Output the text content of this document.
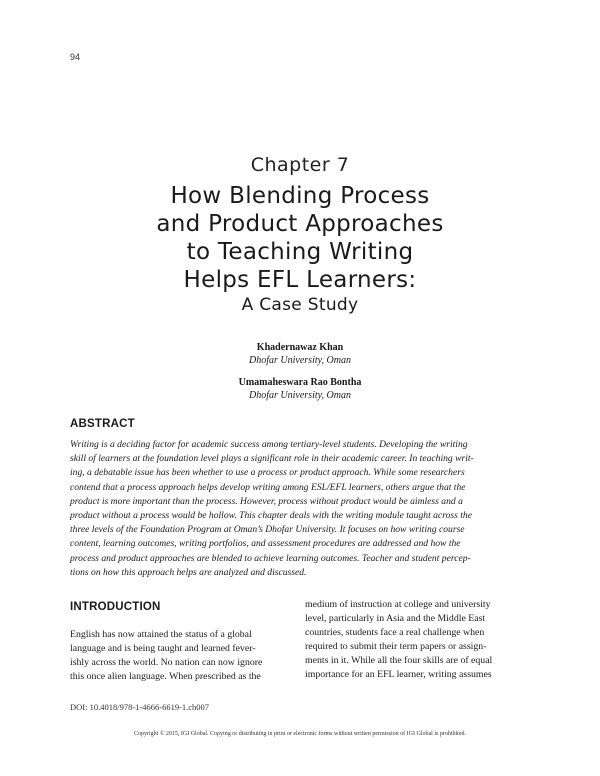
94
Chapter 7
How Blending Process
and Product Approaches
to Teaching Writing
Helps EFL Learners:
A Case Study
Khadernawaz Khan
Dhofar University, Oman
Umamaheswara Rao Bontha
Dhofar University, Oman
ABSTRACT
Writing is a deciding factor for academic success among tertiary-level students. Developing the writing
skill of learners at the foundation level plays a significant role in their academic career. In teaching writ-
ing, a debatable issue has been whether to use a process or product approach. While some researchers
contend that a process approach helps develop writing among ESL/EFL learners, others argue that the
product is more important than the process. However, process without product would be aimless and a
product without a process would be hollow. This chapter deals with the writing module taught across the
three levels of the Foundation Program at Oman’s Dhofar University. It focuses on how writing course
content, learning outcomes, writing portfolios, and assessment procedures are addressed and how the
process and product approaches are blended to achieve learning outcomes. Teacher and student percep-
tions on how this approach helps are analyzed and discussed.
INTRODUCTION
English has now attained the status of a global
language and is being taught and learned fever-
ishly across the world. No nation can now ignore
this once alien language. When prescribed as the
medium of instruction at college and university
level, particularly in Asia and the Middle East
countries, students face a real challenge when
required to submit their term papers or assign-
ments in it. While all the four skills are of equal
importance for an EFL learner, writing assumes
DOI: 10.4018/978-1-4666-6619-1.ch007
Copyright © 2015, IGI Global. Copying or distributing in print or electronic forms without written permission of IGI Global is prohibited.
